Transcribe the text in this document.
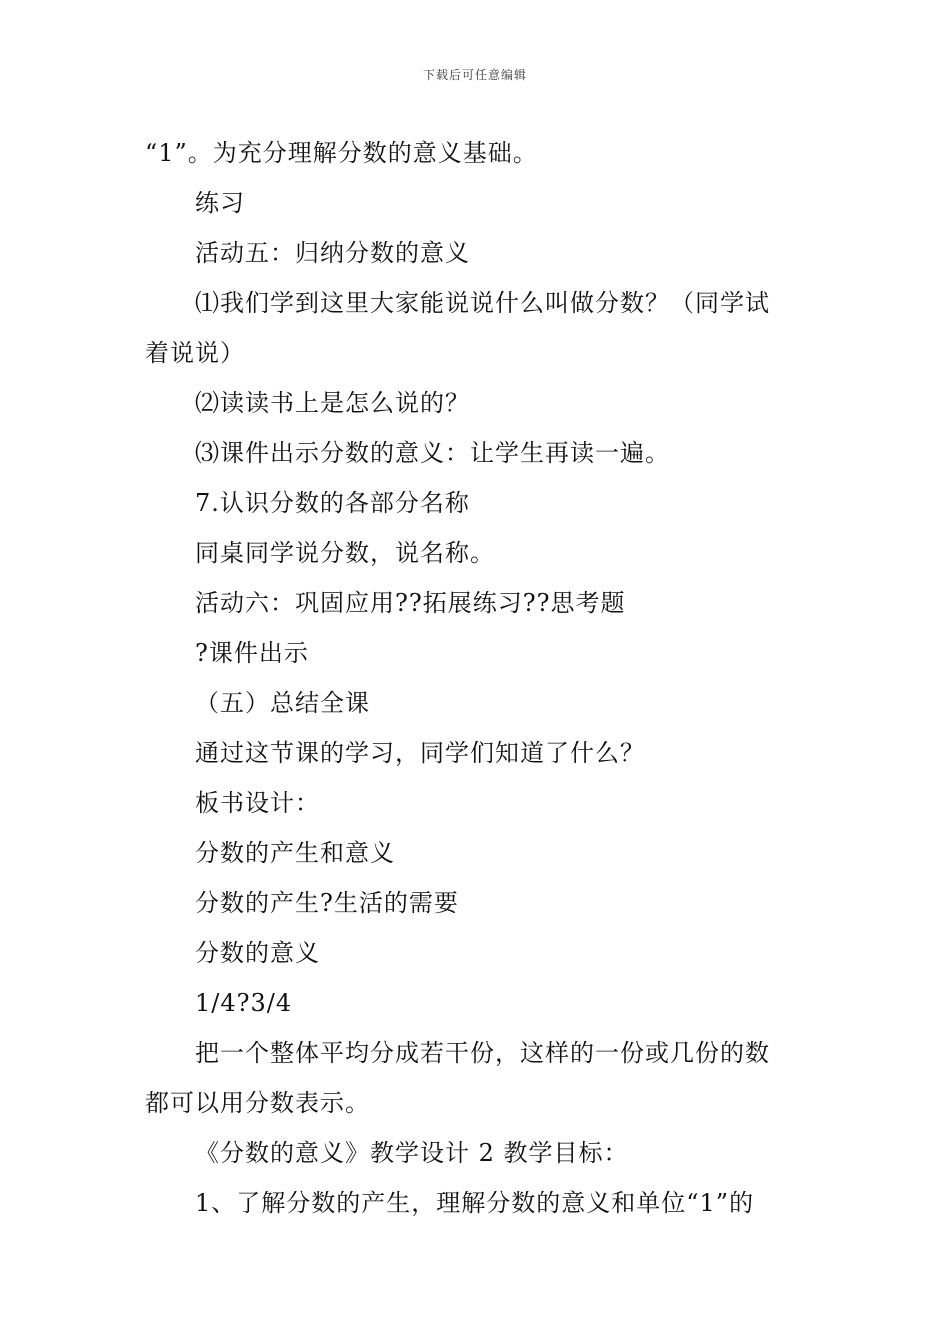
下载后可任意编辑
“1”。为充分理解分数的意义基础。
练习
活动五：归纳分数的意义
⑴我们学到这里大家能说说什么叫做分数？（同学试
着说说）
⑵读读书上是怎么说的？
⑶课件出示分数的意义：让学生再读一遍。
7.认识分数的各部分名称
同桌同学说分数，说名称。
活动六：巩固应用??拓展练习??思考题
?课件出示
（五）总结全课
通过这节课的学习，同学们知道了什么？
板书设计：
分数的产生和意义
分数的产生?生活的需要
分数的意义
1/4?3/4
把一个整体平均分成若干份，这样的一份或几份的数
都可以用分数表示。
《分数的意义》教学设计 2 教学目标：
1、了解分数的产生，理解分数的意义和单位“1”的
